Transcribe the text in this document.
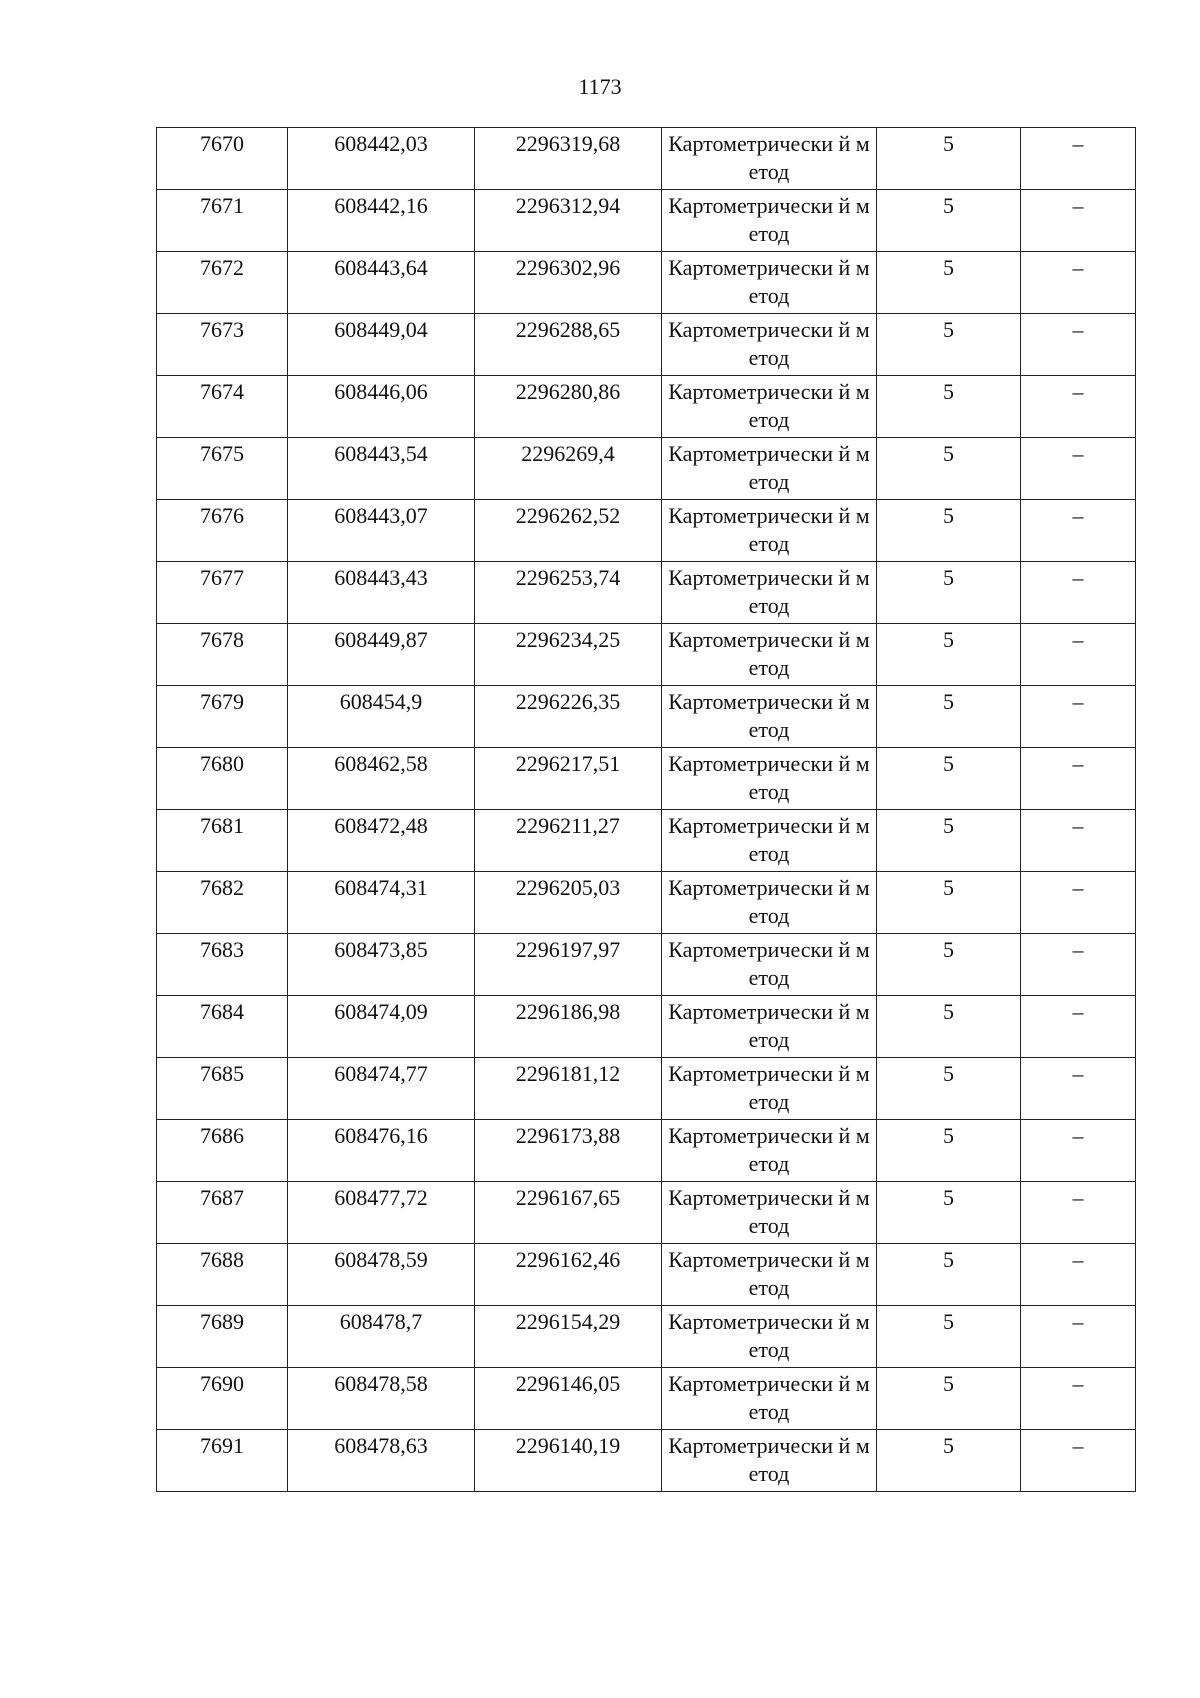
1173
7670	608442,03	2296319,68	Картометрически й метод	5	–

7671	608442,16	2296312,94	Картометрически й метод	5	–

7672	608443,64	2296302,96	Картометрически й метод	5	–

7673	608449,04	2296288,65	Картометрически й метод	5	–

7674	608446,06	2296280,86	Картометрически й метод	5	–

7675	608443,54	2296269,4	Картометрически й метод	5	–

7676	608443,07	2296262,52	Картометрически й метод	5	–

7677	608443,43	2296253,74	Картометрически й метод	5	–

7678	608449,87	2296234,25	Картометрически й метод	5	–

7679	608454,9	2296226,35	Картометрически й метод	5	–

7680	608462,58	2296217,51	Картометрически й метод	5	–

7681	608472,48	2296211,27	Картометрически й метод	5	–

7682	608474,31	2296205,03	Картометрически й метод	5	–

7683	608473,85	2296197,97	Картометрически й метод	5	–

7684	608474,09	2296186,98	Картометрически й метод	5	–

7685	608474,77	2296181,12	Картометрически й метод	5	–

7686	608476,16	2296173,88	Картометрически й метод	5	–

7687	608477,72	2296167,65	Картометрически й метод	5	–

7688	608478,59	2296162,46	Картометрически й метод	5	–

7689	608478,7	2296154,29	Картометрически й метод	5	–

7690	608478,58	2296146,05	Картометрически й метод	5	–

7691	608478,63	2296140,19	Картометрически й метод	5	–
